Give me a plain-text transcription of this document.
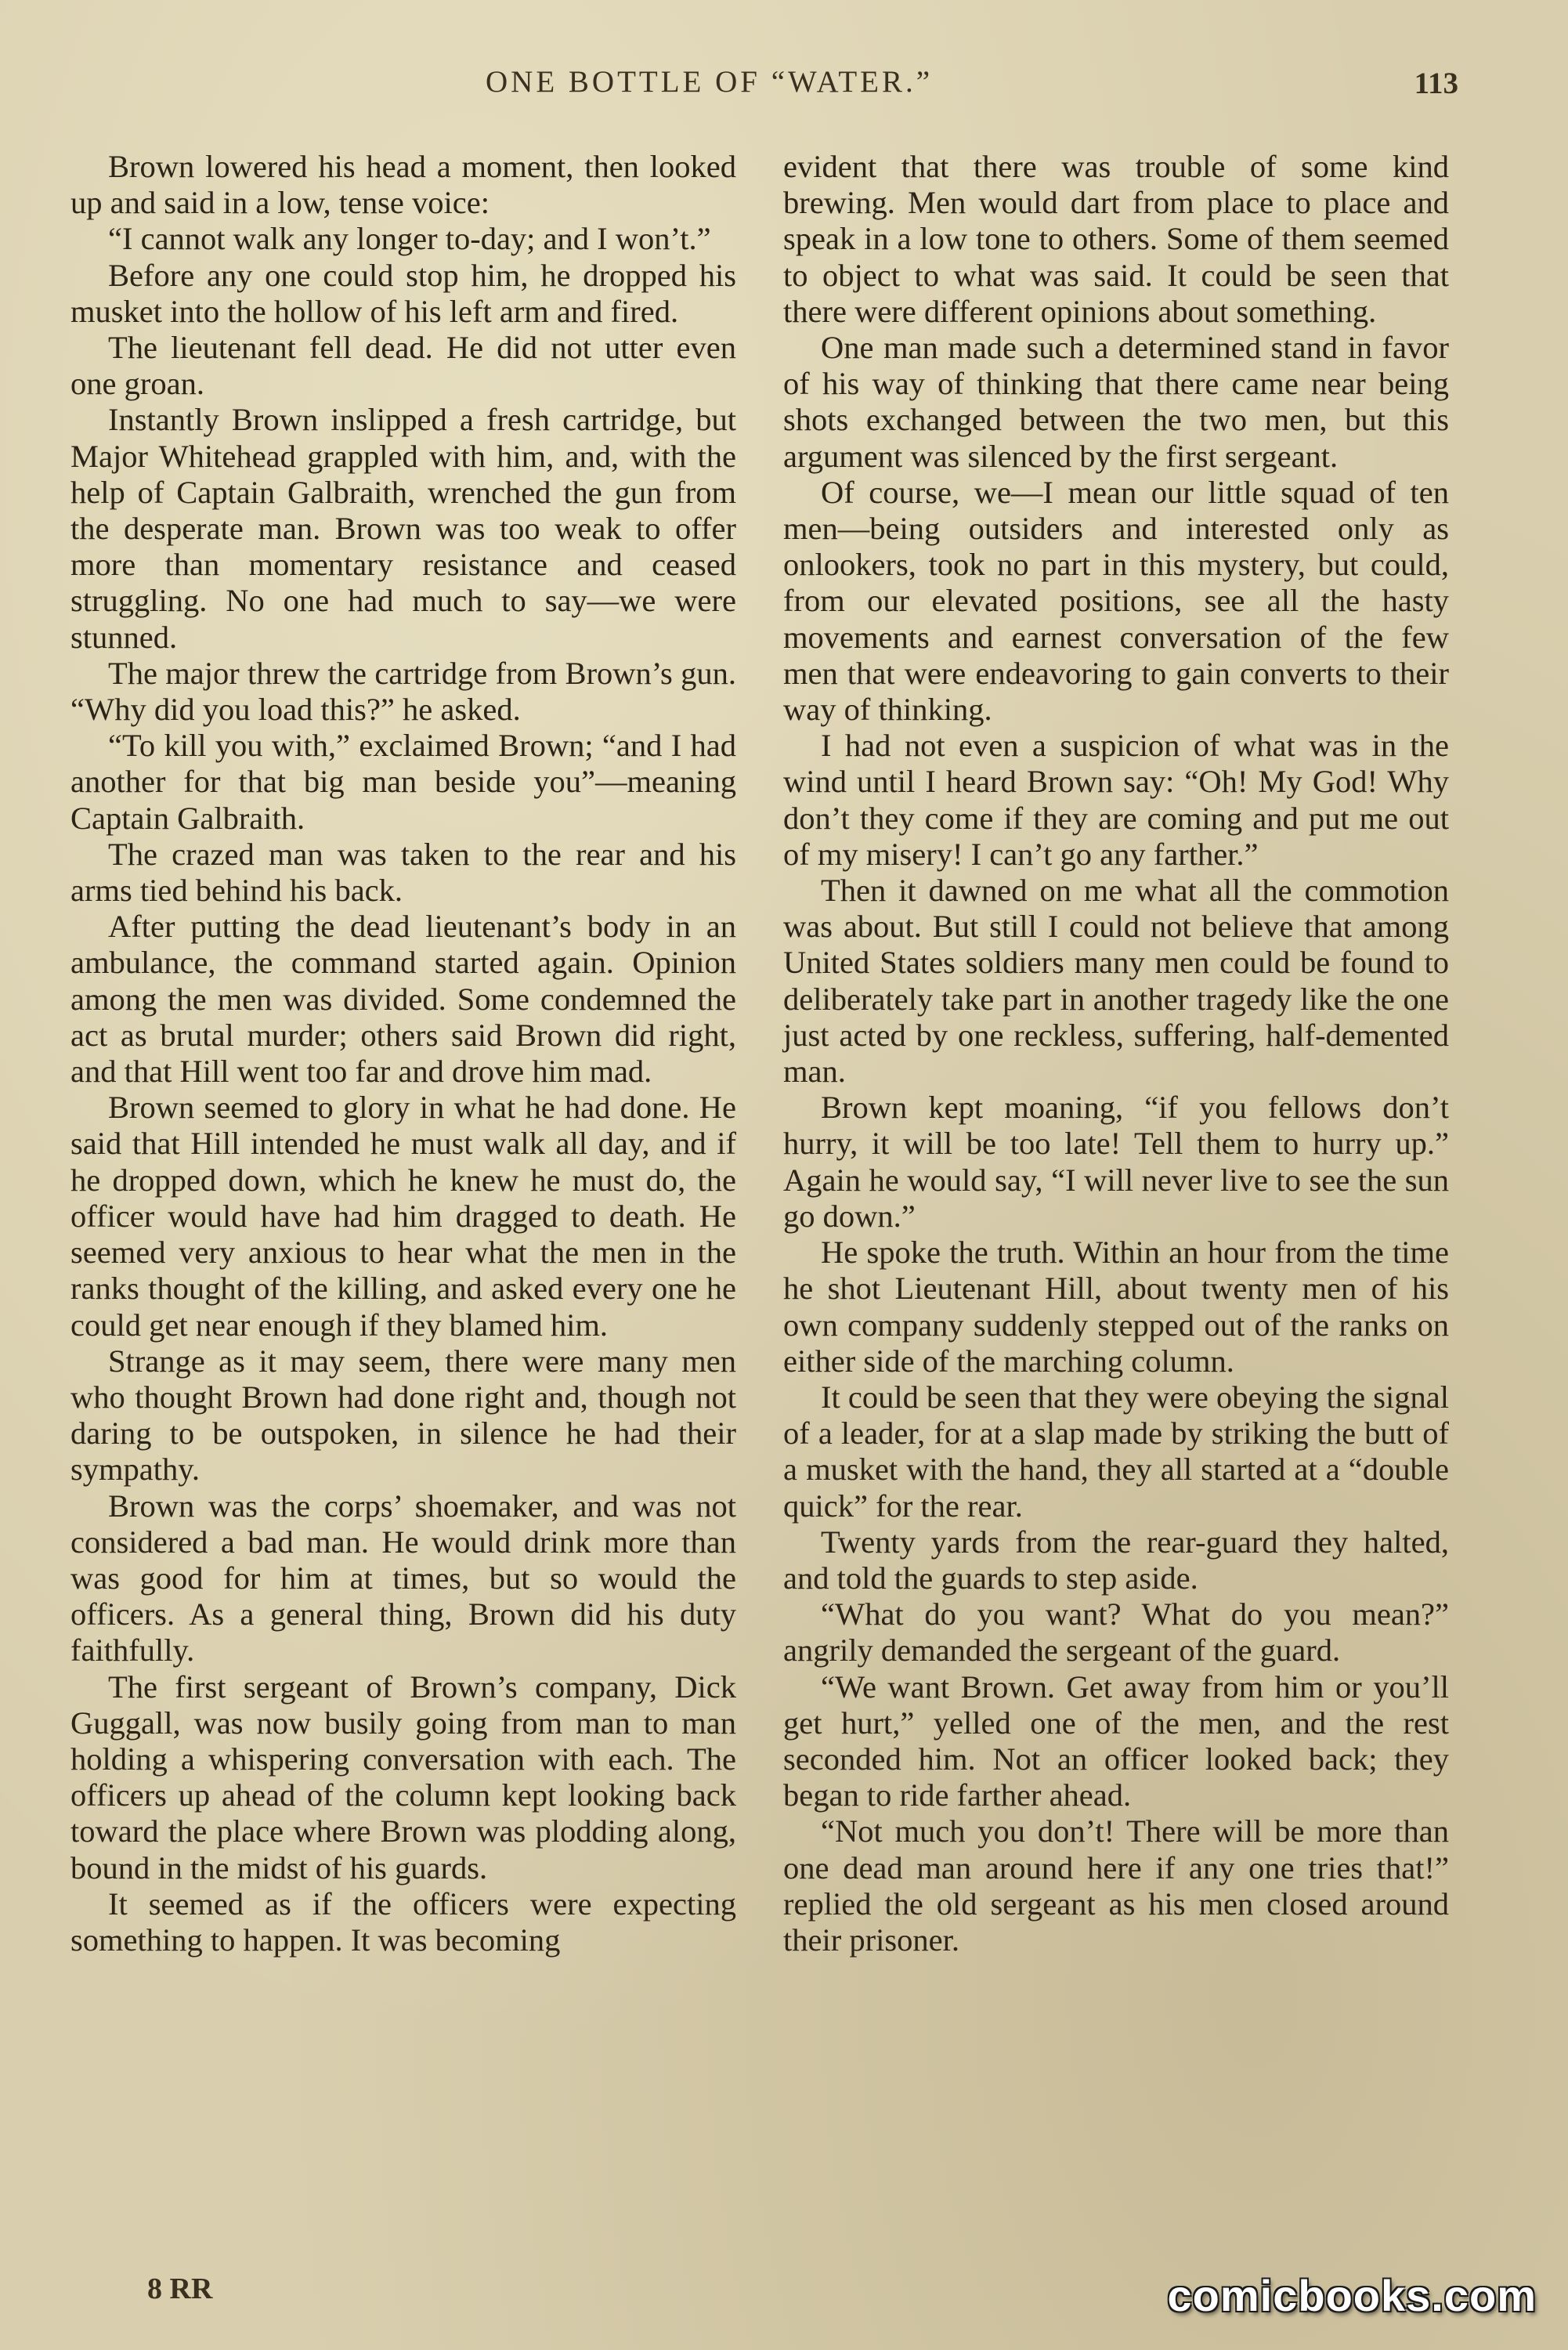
ONE BOTTLE OF “WATER.”	113

Brown lowered his head a moment, then looked up and said in a low, tense voice:

“I cannot walk any longer to-day; and I won’t.”

Before any one could stop him, he dropped his musket into the hollow of his left arm and fired.

The lieutenant fell dead. He did not utter even one groan.

Instantly Brown inslipped a fresh cartridge, but Major Whitehead grappled with him, and, with the help of Captain Galbraith, wrenched the gun from the desperate man. Brown was too weak to offer more than momentary resistance and ceased struggling. No one had much to say—we were stunned.

The major threw the cartridge from Brown’s gun. “Why did you load this?” he asked.

“To kill you with,” exclaimed Brown; “and I had another for that big man beside you”—meaning Captain Galbraith.

The crazed man was taken to the rear and his arms tied behind his back.

After putting the dead lieutenant’s body in an ambulance, the command started again. Opinion among the men was divided. Some condemned the act as brutal murder; others said Brown did right, and that Hill went too far and drove him mad.

Brown seemed to glory in what he had done. He said that Hill intended he must walk all day, and if he dropped down, which he knew he must do, the officer would have had him dragged to death. He seemed very anxious to hear what the men in the ranks thought of the killing, and asked every one he could get near enough if they blamed him.

Strange as it may seem, there were many men who thought Brown had done right and, though not daring to be outspoken, in silence he had their sympathy.

Brown was the corps’ shoemaker, and was not considered a bad man. He would drink more than was good for him at times, but so would the officers. As a general thing, Brown did his duty faithfully.

The first sergeant of Brown’s company, Dick Guggall, was now busily going from man to man holding a whispering conversation with each. The officers up ahead of the column kept looking back toward the place where Brown was plodding along, bound in the midst of his guards.

It seemed as if the officers were expecting something to happen. It was becoming

evident that there was trouble of some kind brewing. Men would dart from place to place and speak in a low tone to others. Some of them seemed to object to what was said. It could be seen that there were different opinions about something.

One man made such a determined stand in favor of his way of thinking that there came near being shots exchanged between the two men, but this argument was silenced by the first sergeant.

Of course, we—I mean our little squad of ten men—being outsiders and interested only as onlookers, took no part in this mystery, but could, from our elevated positions, see all the hasty movements and earnest conversation of the few men that were endeavoring to gain converts to their way of thinking.

I had not even a suspicion of what was in the wind until I heard Brown say: “Oh! My God! Why don’t they come if they are coming and put me out of my misery! I can’t go any farther.”

Then it dawned on me what all the commotion was about. But still I could not believe that among United States soldiers many men could be found to deliberately take part in another tragedy like the one just acted by one reckless, suffering, half-demented man.

Brown kept moaning, “if you fellows don’t hurry, it will be too late! Tell them to hurry up.” Again he would say, “I will never live to see the sun go down.”

He spoke the truth. Within an hour from the time he shot Lieutenant Hill, about twenty men of his own company suddenly stepped out of the ranks on either side of the marching column.

It could be seen that they were obeying the signal of a leader, for at a slap made by striking the butt of a musket with the hand, they all started at a “double quick” for the rear.

Twenty yards from the rear-guard they halted, and told the guards to step aside.

“What do you want? What do you mean?” angrily demanded the sergeant of the guard.

“We want Brown. Get away from him or you’ll get hurt,” yelled one of the men, and the rest seconded him. Not an officer looked back; they began to ride farther ahead.

“Not much you don’t! There will be more than one dead man around here if any one tries that!” replied the old sergeant as his men closed around their prisoner.

8 RR	comicbooks.com
